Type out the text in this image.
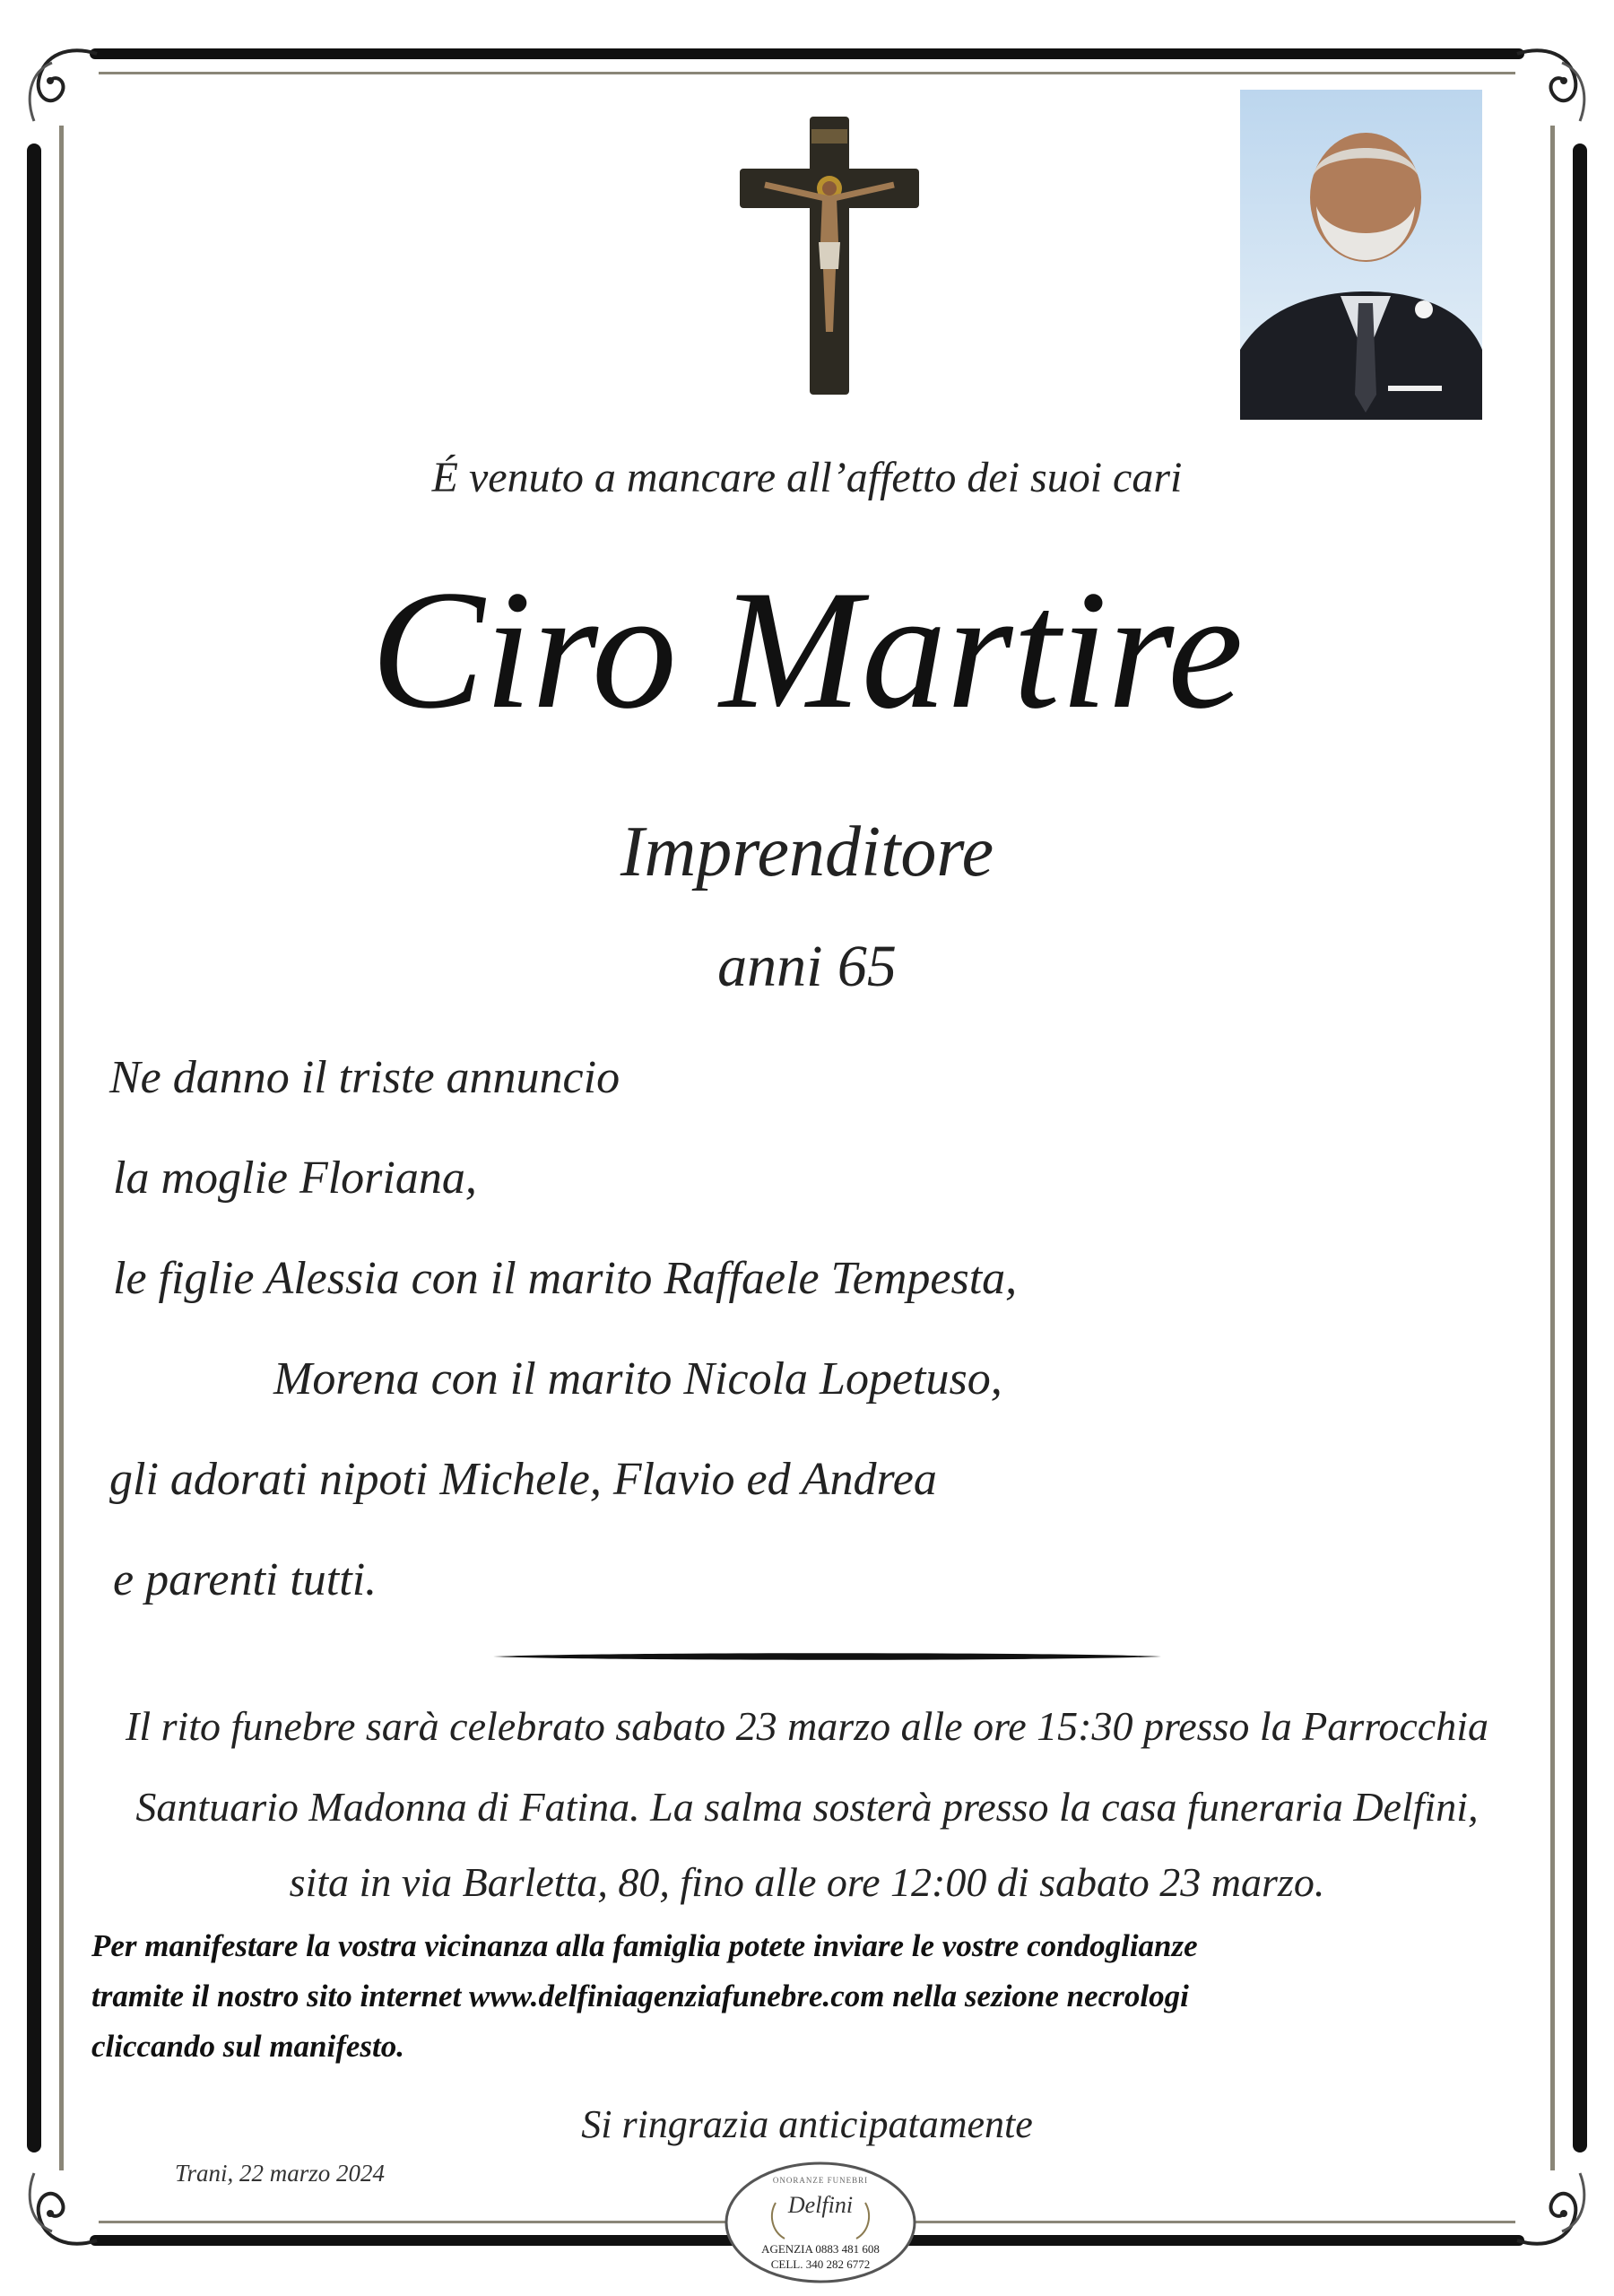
É venuto a mancare all’affetto dei suoi cari
Ciro Martire
Imprenditore
anni 65
Ne danno il triste annuncio
la moglie Floriana,
le figlie Alessia con il marito Raffaele Tempesta,
Morena con il marito Nicola Lopetuso,
gli adorati nipoti Michele, Flavio ed Andrea
e parenti tutti.
Il rito funebre sarà celebrato sabato 23 marzo alle ore 15:30 presso la Parrocchia
Santuario Madonna di Fatina. La salma sosterà presso la casa funeraria Delfini,
sita in via Barletta, 80, fino alle ore 12:00 di sabato 23 marzo.
Per manifestare la vostra vicinanza alla famiglia potete inviare le vostre condoglianze
tramite il nostro sito internet www.delfiniagenziafunebre.com nella sezione necrologi
cliccando sul manifesto.
Si ringrazia anticipatamente
Trani, 22 marzo 2024	ONORANZE FUNEBRI
Delfini
AGENZIA 0883 481 608
CELL. 340 282 6772
